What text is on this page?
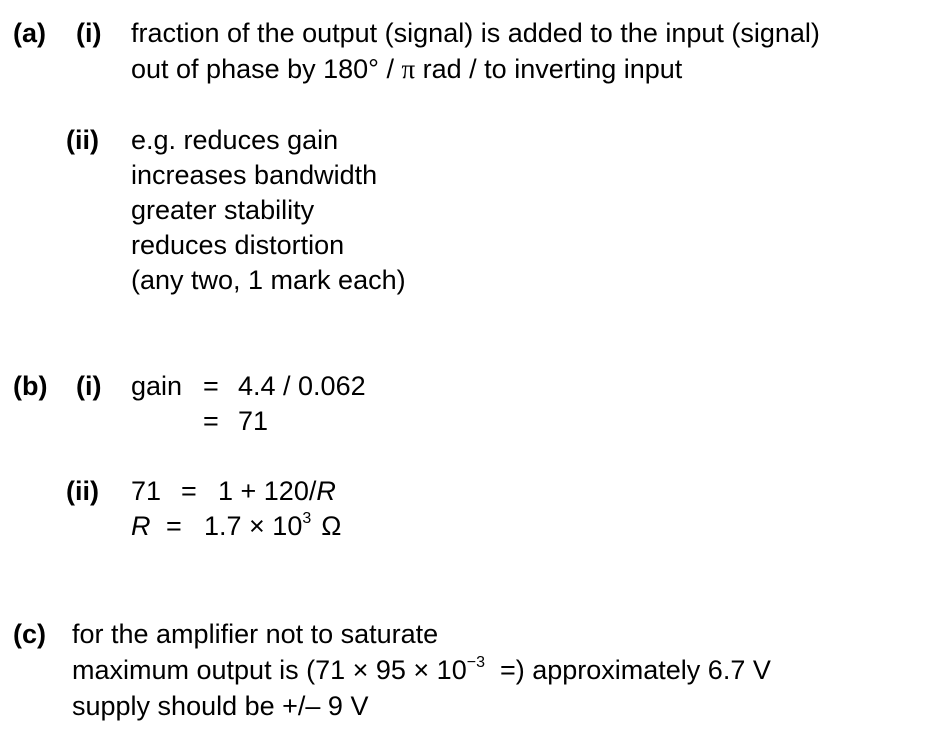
(a) (i) fraction of the output (signal) is added to the input (signal)
out of phase by 180° / π rad / to inverting input
(ii) e.g. reduces gain
increases bandwidth
greater stability
reduces distortion
(any two, 1 mark each)
(b) (i) gain = 4.4 / 0.062
= 71
(ii) 71 = 1 + 120/R
$R = 1.7 \times 10^3$ Ω
(c) for the amplifier not to saturate
maximum output is ($71 \times 95 \times 10^{-3}$  =) approximately 6.7 V
supply should be +/– 9 V
